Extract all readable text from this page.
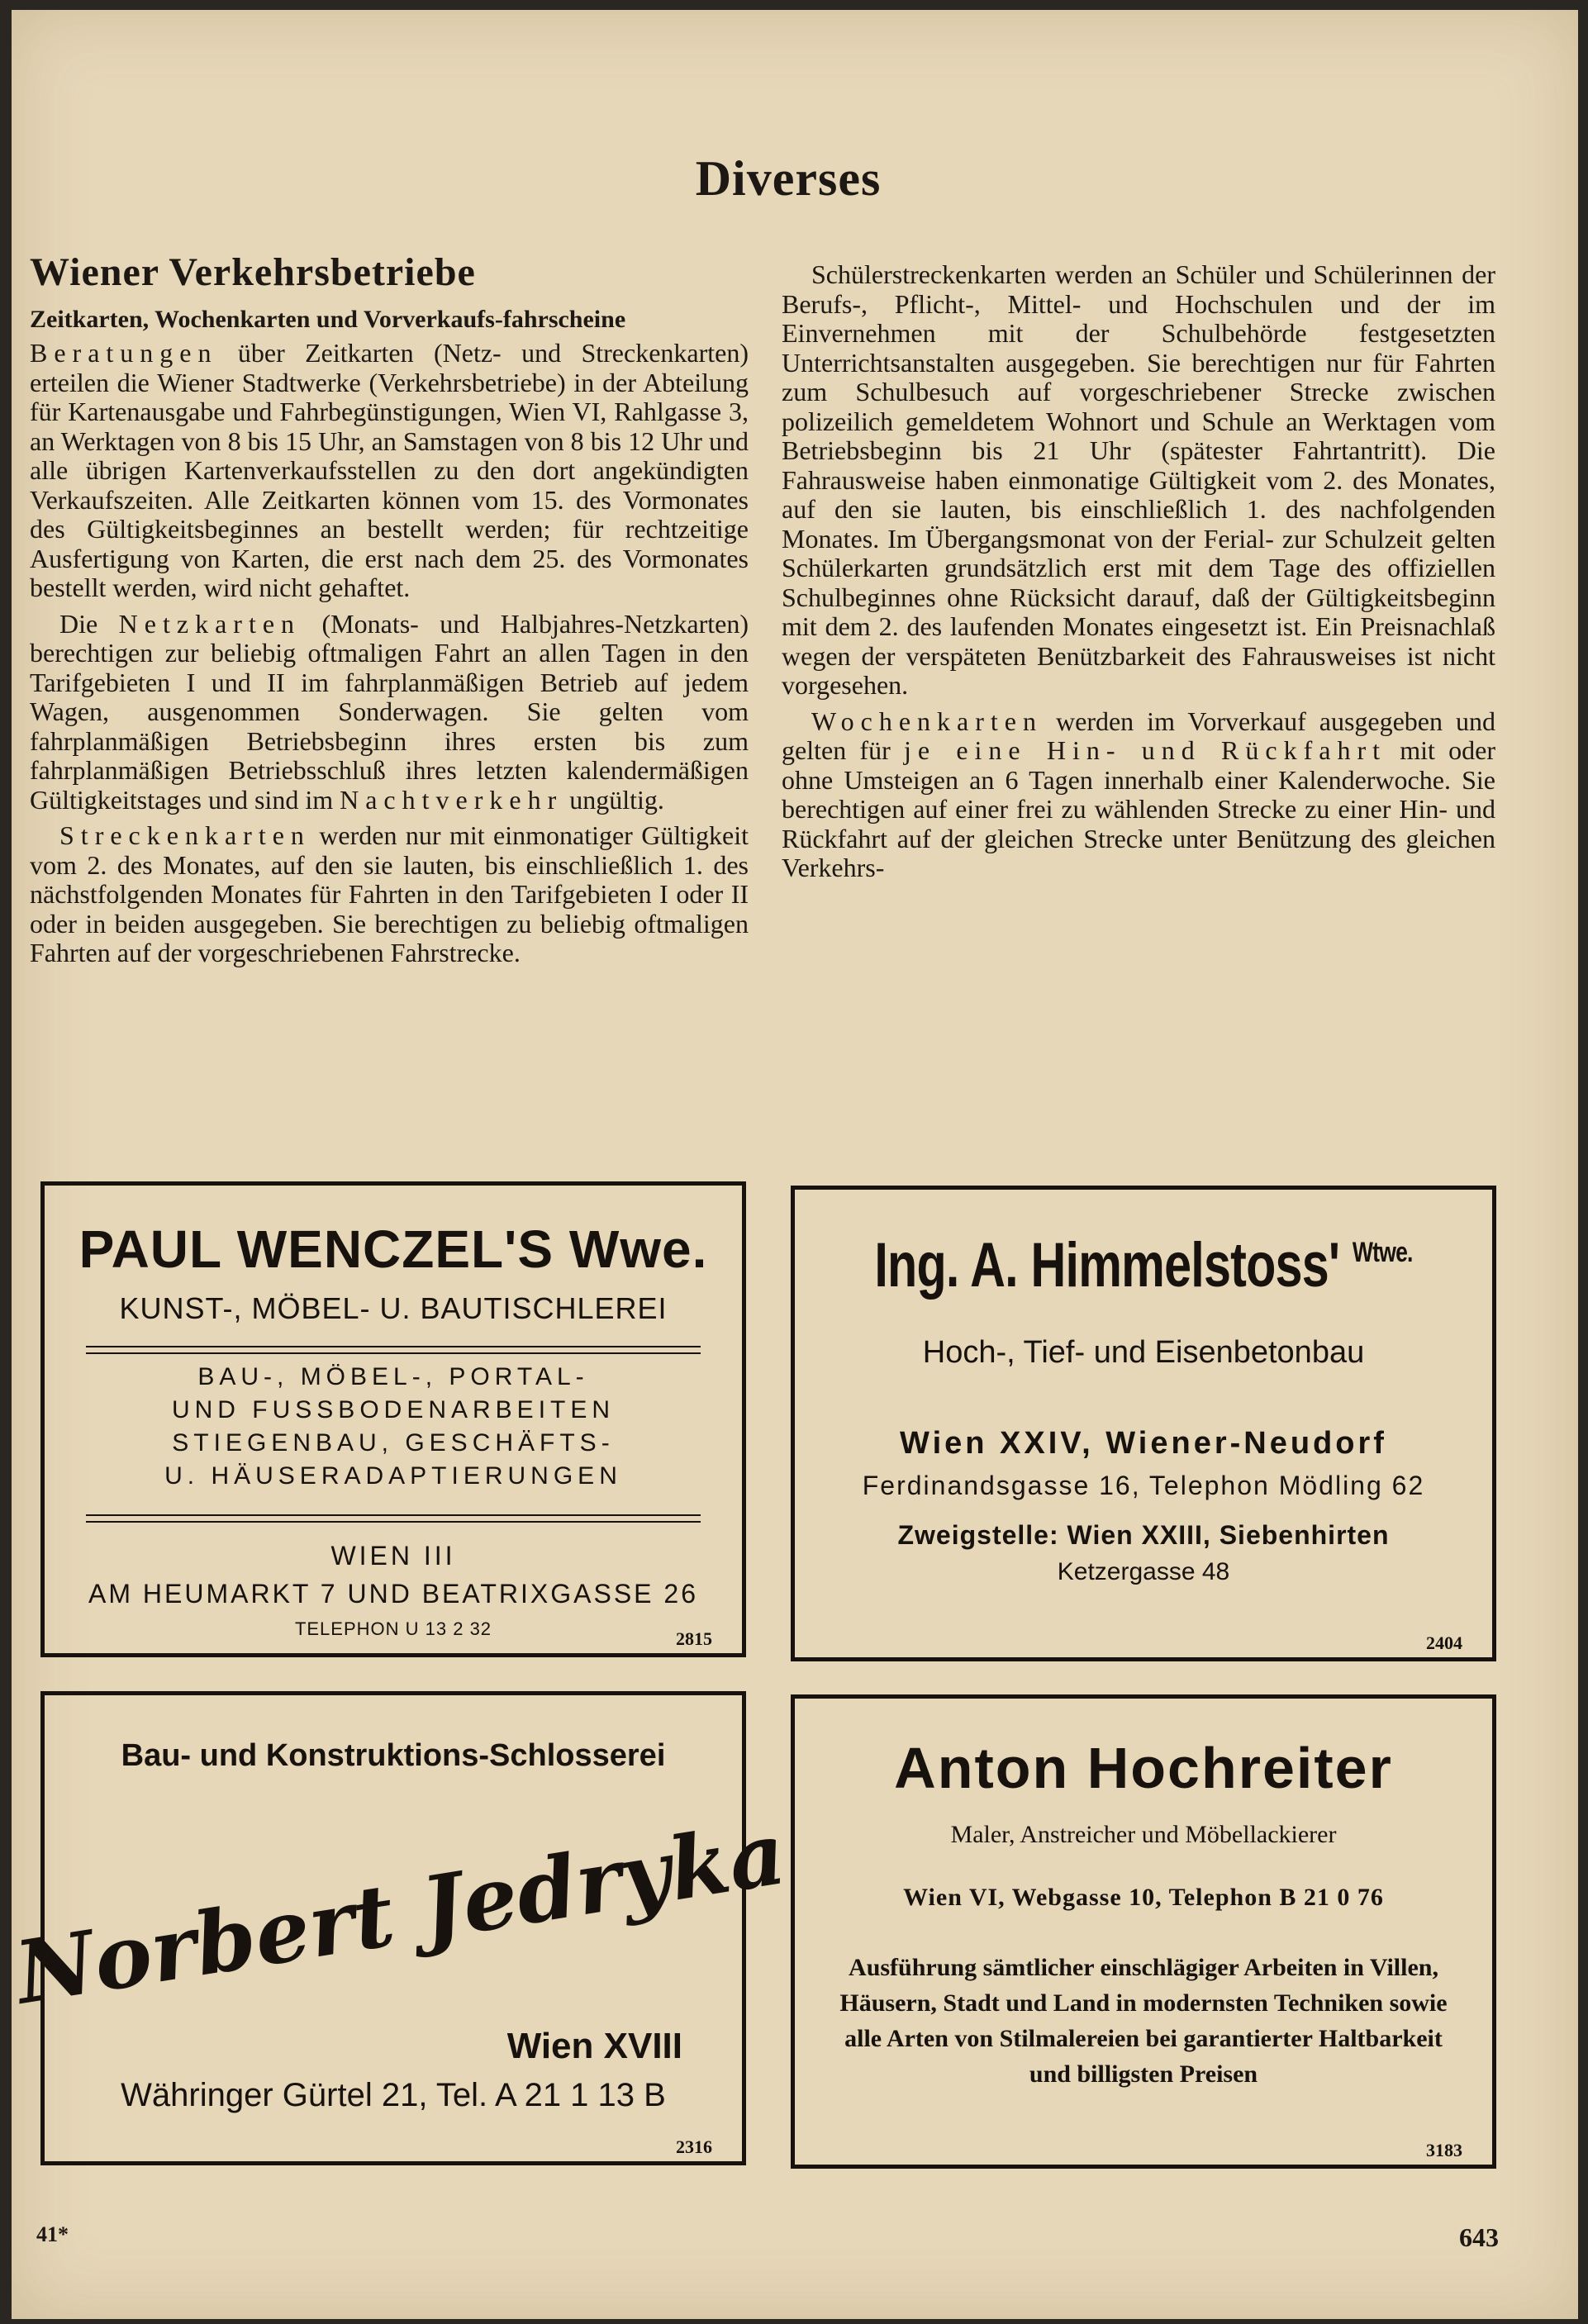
Diverses
Wiener Verkehrsbetriebe
Zeitkarten, Wochenkarten und Vorverkaufs-fahrscheine

Beratungen über Zeitkarten (Netz- und Streckenkarten) erteilen die Wiener Stadtwerke (Verkehrsbetriebe) in der Abteilung für Kartenausgabe und Fahrbegünstigungen, Wien VI, Rahlgasse 3, an Werktagen von 8 bis 15 Uhr, an Samstagen von 8 bis 12 Uhr und alle übrigen Kartenverkaufsstellen zu den dort angekündigten Verkaufszeiten. Alle Zeitkarten können vom 15. des Vormonates des Gültigkeitsbeginnes an bestellt werden; für rechtzeitige Ausfertigung von Karten, die erst nach dem 25. des Vormonates bestellt werden, wird nicht gehaftet.

Die Netzkarten (Monats- und Halbjahres-Netzkarten) berechtigen zur beliebig oftmaligen Fahrt an allen Tagen in den Tarifgebieten I und II im fahrplanmäßigen Betrieb auf jedem Wagen, ausgenommen Sonderwagen. Sie gelten vom fahrplanmäßigen Betriebsbeginn ihres ersten bis zum fahrplanmäßigen Betriebsschluß ihres letzten kalendermäßigen Gültigkeitstages und sind im Nachtverkehr ungültig.

Streckenkarten werden nur mit einmonatiger Gültigkeit vom 2. des Monates, auf den sie lauten, bis einschließlich 1. des nächstfolgenden Monates für Fahrten in den Tarifgebieten I oder II oder in beiden ausgegeben. Sie berechtigen zu beliebig oftmaligen Fahrten auf der vorgeschriebenen Fahrstrecke.

Schülerstreckenkarten werden an Schüler und Schülerinnen der Berufs-, Pflicht-, Mittel- und Hochschulen und der im Einvernehmen mit der Schulbehörde festgesetzten Unterrichtsanstalten ausgegeben. Sie berechtigen nur für Fahrten zum Schulbesuch auf vorgeschriebener Strecke zwischen polizeilich gemeldetem Wohnort und Schule an Werktagen vom Betriebsbeginn bis 21 Uhr (spätester Fahrtantritt). Die Fahrausweise haben einmonatige Gültigkeit vom 2. des Monates, auf den sie lauten, bis einschließlich 1. des nachfolgenden Monates. Im Übergangsmonat von der Ferial- zur Schulzeit gelten Schülerkarten grundsätzlich erst mit dem Tage des offiziellen Schulbeginnes ohne Rücksicht darauf, daß der Gültigkeitsbeginn mit dem 2. des laufenden Monates eingesetzt ist. Ein Preisnachlaß wegen der verspäteten Benützbarkeit des Fahrausweises ist nicht vorgesehen.

Wochenkarten werden im Vorverkauf ausgegeben und gelten für je eine Hin- und Rückfahrt mit oder ohne Umsteigen an 6 Tagen innerhalb einer Kalenderwoche. Sie berechtigen auf einer frei zu wählenden Strecke zu einer Hin- und Rückfahrt auf der gleichen Strecke unter Benützung des gleichen Verkehrs-

PAUL WENCZEL'S Wwe.
KUNST-, MÖBEL- U. BAUTISCHLEREI
BAU-, MÖBEL-, PORTAL-
UND FUSSBODENARBEITEN
STIEGENBAU, GESCHÄFTS-
U. HÄUSERADAPTIERUNGEN
WIEN III
AM HEUMARKT 7 UND BEATRIXGASSE 26
TELEPHON U 13 2 32	2815
Ing. A. Himmelstoss' $^{Wtwe.}$
Hoch-, Tief- und Eisenbetonbau
Wien XXIV, Wiener-Neudorf
Ferdinandsgasse 16, Telephon Mödling 62
Zweigstelle: Wien XXIII, Siebenhirten
Ketzergasse 48
2404
Bau- und Konstruktions-Schlosserei
Norbert Jedryka
Wien XVIII
Währinger Gürtel 21, Tel. A 21 1 13 B
2316
Anton Hochreiter
Maler, Anstreicher und Möbellackierer
Wien VI, Webgasse 10, Telephon B 21 0 76
Ausführung sämtlicher einschlägiger Arbeiten in Villen, Häusern, Stadt und Land in modernsten Techniken sowie alle Arten von Stilmalereien bei garantierter Haltbarkeit und billigsten Preisen
3183
41*	643
